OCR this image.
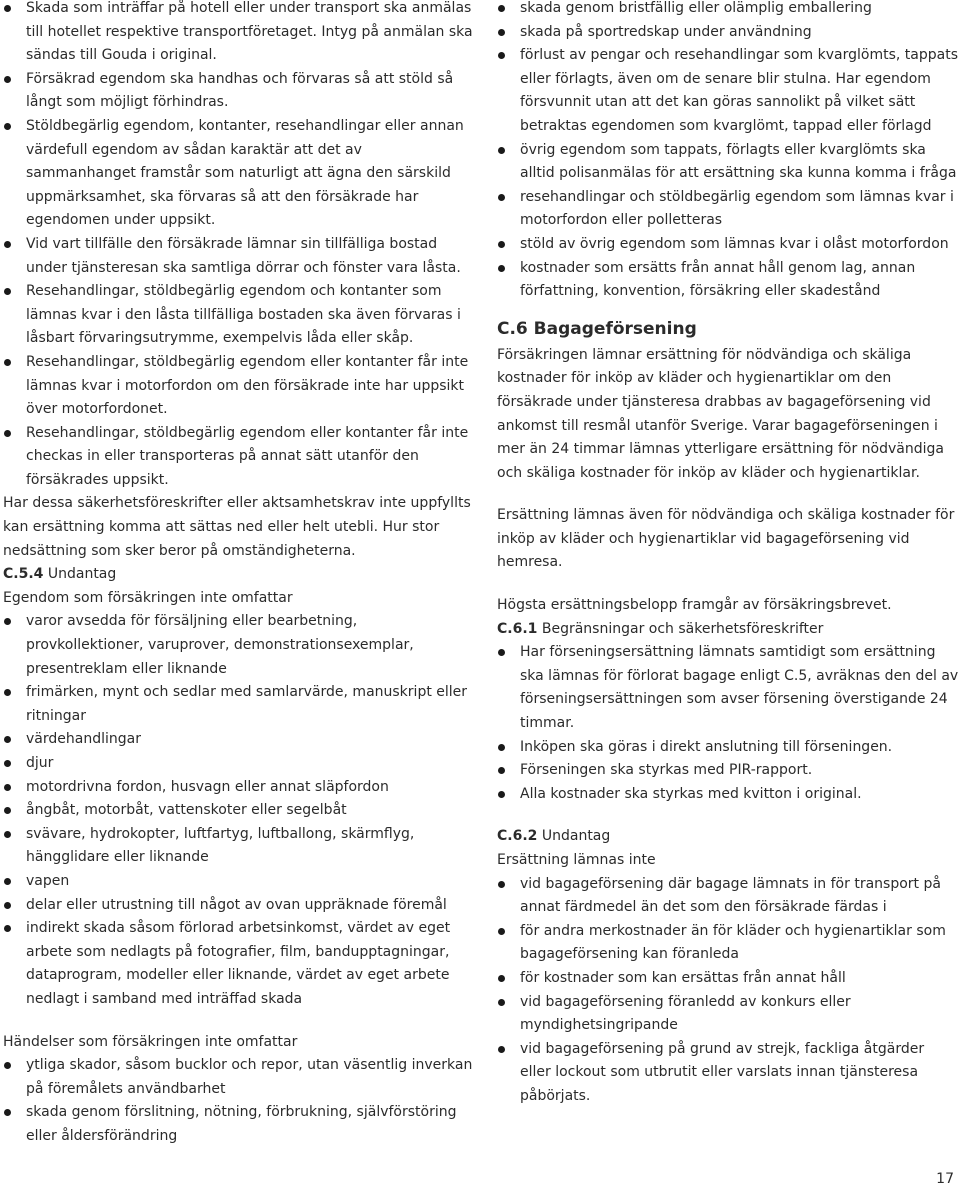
Skada som inträffar på hotell eller under transport ska anmälas till hotellet respektive transportföretaget. Intyg på anmälan ska sändas till Gouda i original.
Försäkrad egendom ska handhas och förvaras så att stöld så långt som möjligt förhindras.
Stöldbegärlig egendom, kontanter, resehandlingar eller annan värdefull egendom av sådan karaktär att det av sammanhanget framstår som naturligt att ägna den särskild uppmärksamhet, ska förvaras så att den försäkrade har egendomen under uppsikt.
Vid vart tillfälle den försäkrade lämnar sin tillfälliga bostad under tjänsteresan ska samtliga dörrar och fönster vara låsta.
Resehandlingar, stöldbegärlig egendom och kontanter som lämnas kvar i den låsta tillfälliga bostaden ska även förvaras i låsbart förvaringsutrymme, exempelvis låda eller skåp.
Resehandlingar, stöldbegärlig egendom eller kontanter får inte lämnas kvar i motorfordon om den försäkrade inte har uppsikt över motorfordonet.
Resehandlingar, stöldbegärlig egendom eller kontanter får inte checkas in eller transporteras på annat sätt utanför den försäkrades uppsikt.

Har dessa säkerhetsföreskrifter eller aktsamhetskrav inte uppfyllts kan ersättning komma att sättas ned eller helt utebli. Hur stor nedsättning som sker beror på omständigheterna.

C.5.4 Undantag

Egendom som försäkringen inte omfattar

varor avsedda för försäljning eller bearbetning, provkollektioner, varuprover, demonstrationsexemplar, presentreklam eller liknande
frimärken, mynt och sedlar med samlarvärde, manuskript eller ritningar
värdehandlingar
djur
motordrivna fordon, husvagn eller annat släpfordon
ångbåt, motorbåt, vattenskoter eller segelbåt
svävare, hydrokopter, luftfartyg, luftballong, skärmflyg, hängglidare eller liknande
vapen
delar eller utrustning till något av ovan uppräknade föremål
indirekt skada såsom förlorad arbetsinkomst, värdet av eget arbete som nedlagts på fotografier, film, bandupptagningar, dataprogram, modeller eller liknande, värdet av eget arbete nedlagt i samband med inträffad skada

Händelser som försäkringen inte omfattar

ytliga skador, såsom bucklor och repor, utan väsentlig inverkan på föremålets användbarhet
skada genom förslitning, nötning, förbrukning, självförstöring eller åldersförändring
skada genom bristfällig eller olämplig emballering
skada på sportredskap under användning
förlust av pengar och resehandlingar som kvarglömts, tappats eller förlagts, även om de senare blir stulna. Har egendom försvunnit utan att det kan göras sannolikt på vilket sätt betraktas egendomen som kvarglömt, tappad eller förlagd
övrig egendom som tappats, förlagts eller kvarglömts ska alltid polisanmälas för att ersättning ska kunna komma i fråga
resehandlingar och stöldbegärlig egendom som lämnas kvar i motorfordon eller polletteras
stöld av övrig egendom som lämnas kvar i olåst motorfordon
kostnader som ersätts från annat håll genom lag, annan författning, konvention, försäkring eller skadestånd

C.6 Bagageförsening

Försäkringen lämnar ersättning för nödvändiga och skäliga kostnader för inköp av kläder och hygienartiklar om den försäkrade under tjänsteresa drabbas av bagageförsening vid ankomst till resmål utanför Sverige. Varar bagageförseningen i mer än 24 timmar lämnas ytterligare ersättning för nödvändiga och skäliga kostnader för inköp av kläder och hygienartiklar.

Ersättning lämnas även för nödvändiga och skäliga kostnader för inköp av kläder och hygienartiklar vid bagageförsening vid hemresa.

Högsta ersättningsbelopp framgår av försäkringsbrevet.

C.6.1 Begränsningar och säkerhetsföreskrifter

Har förseningsersättning lämnats samtidigt som ersättning ska lämnas för förlorat bagage enligt C.5, avräknas den del av förseningsersättningen som avser försening överstigande 24 timmar.
Inköpen ska göras i direkt anslutning till förseningen.
Förseningen ska styrkas med PIR-rapport.
Alla kostnader ska styrkas med kvitton i original.

C.6.2 Undantag

Ersättning lämnas inte

vid bagageförsening där bagage lämnats in för transport på annat färdmedel än det som den försäkrade färdas i
för andra merkostnader än för kläder och hygienartiklar som bagageförsening kan föranleda
för kostnader som kan ersättas från annat håll
vid bagageförsening föranledd av konkurs eller myndighetsingripande
vid bagageförsening på grund av strejk, fackliga åtgärder eller lockout som utbrutit eller varslats innan tjänsteresa påbörjats.
17
